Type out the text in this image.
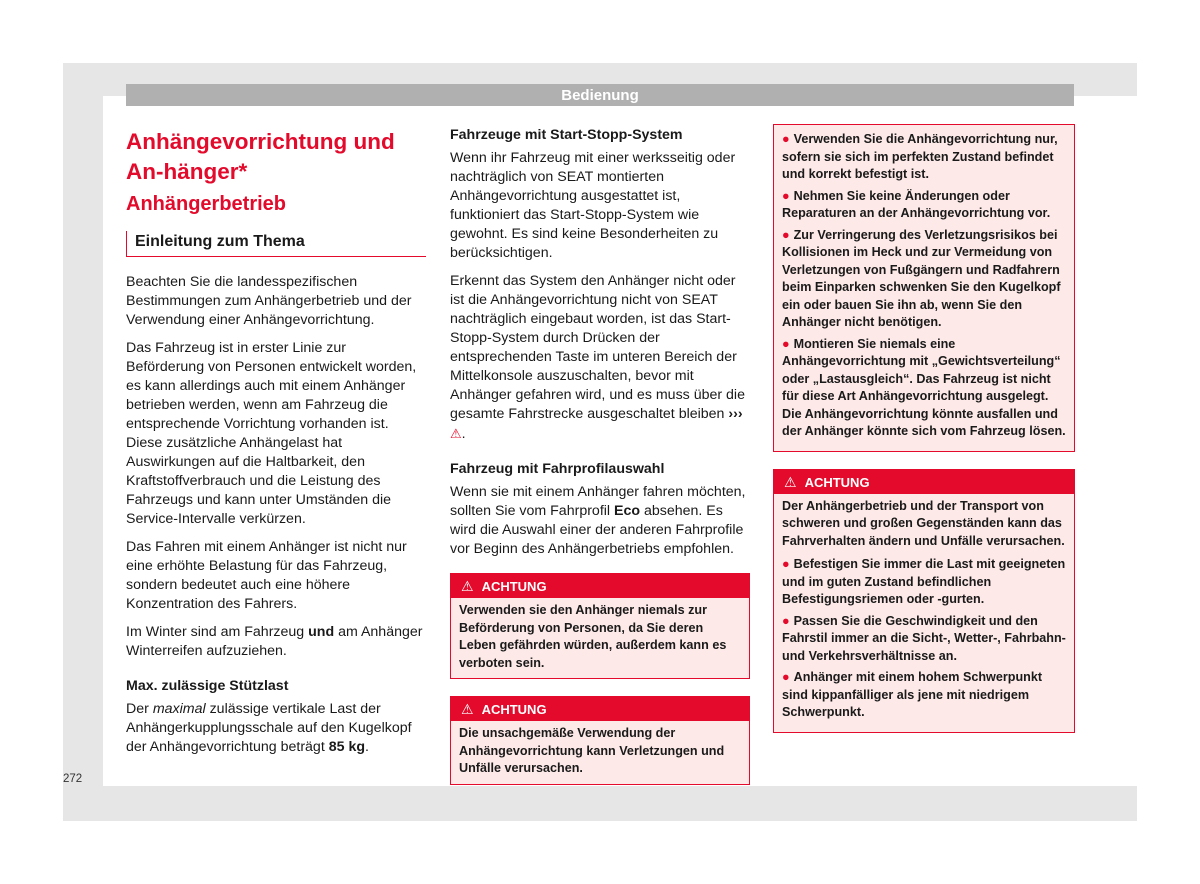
Bedienung
Anhängevorrichtung und An-hänger*
Anhängerbetrieb
Einleitung zum Thema

Beachten Sie die landesspezifischen Bestimmungen zum Anhängerbetrieb und der Verwendung einer Anhängevorrichtung.

Das Fahrzeug ist in erster Linie zur Beförderung von Personen entwickelt worden, es kann allerdings auch mit einem Anhänger betrieben werden, wenn am Fahrzeug die entsprechende Vorrichtung vorhanden ist. Diese zusätzliche Anhängelast hat Auswirkungen auf die Haltbarkeit, den Kraftstoffverbrauch und die Leistung des Fahrzeugs und kann unter Umständen die Service-Intervalle verkürzen.

Das Fahren mit einem Anhänger ist nicht nur eine erhöhte Belastung für das Fahrzeug, sondern bedeutet auch eine höhere Konzentration des Fahrers.

Im Winter sind am Fahrzeug und am Anhänger Winterreifen aufzuziehen.

Max. zulässige Stützlast

Der maximal zulässige vertikale Last der Anhängerkupplungsschale auf den Kugelkopf der Anhängevorrichtung beträgt 85 kg.

Fahrzeuge mit Start-Stopp-System

Wenn ihr Fahrzeug mit einer werksseitig oder nachträglich von SEAT montierten Anhängevorrichtung ausgestattet ist, funktioniert das Start-Stopp-System wie gewohnt. Es sind keine Besonderheiten zu berücksichtigen.

Erkennt das System den Anhänger nicht oder ist die Anhängevorrichtung nicht von SEAT nachträglich eingebaut worden, ist das Start-Stopp-System durch Drücken der entsprechenden Taste im unteren Bereich der Mittelkonsole auszuschalten, bevor mit Anhänger gefahren wird, und es muss über die gesamte Fahrstrecke ausgeschaltet bleiben ››› ⚠.

Fahrzeug mit Fahrprofilauswahl

Wenn sie mit einem Anhänger fahren möchten, sollten Sie vom Fahrprofil Eco absehen. Es wird die Auswahl einer der anderen Fahrprofile vor Beginn des Anhängerbetriebs empfohlen.

⚠ ACHTUNG
Verwenden sie den Anhänger niemals zur Beförderung von Personen, da Sie deren Leben gefährden würden, außerdem kann es verboten sein.
⚠ ACHTUNG
Die unsachgemäße Verwendung der Anhängevorrichtung kann Verletzungen und Unfälle verursachen.
● Verwenden Sie die Anhängevorrichtung nur, sofern sie sich im perfekten Zustand befindet und korrekt befestigt ist.
● Nehmen Sie keine Änderungen oder Reparaturen an der Anhängevorrichtung vor.
● Zur Verringerung des Verletzungsrisikos bei Kollisionen im Heck und zur Vermeidung von Verletzungen von Fußgängern und Radfahrern beim Einparken schwenken Sie den Kugelkopf ein oder bauen Sie ihn ab, wenn Sie den Anhänger nicht benötigen.
● Montieren Sie niemals eine Anhängevorrichtung mit „Gewichtsverteilung“ oder „Lastausgleich“. Das Fahrzeug ist nicht für diese Art Anhängevorrichtung ausgelegt. Die Anhängevorrichtung könnte ausfallen und der Anhänger könnte sich vom Fahrzeug lösen.
⚠ ACHTUNG
Der Anhängerbetrieb und der Transport von schweren und großen Gegenständen kann das Fahrverhalten ändern und Unfälle verursachen.
● Befestigen Sie immer die Last mit geeigneten und im guten Zustand befindlichen Befestigungsriemen oder -gurten.
● Passen Sie die Geschwindigkeit und den Fahrstil immer an die Sicht-, Wetter-, Fahrbahn- und Verkehrsverhältnisse an.
● Anhänger mit einem hohem Schwerpunkt sind kippanfälliger als jene mit niedrigem Schwerpunkt.
272
